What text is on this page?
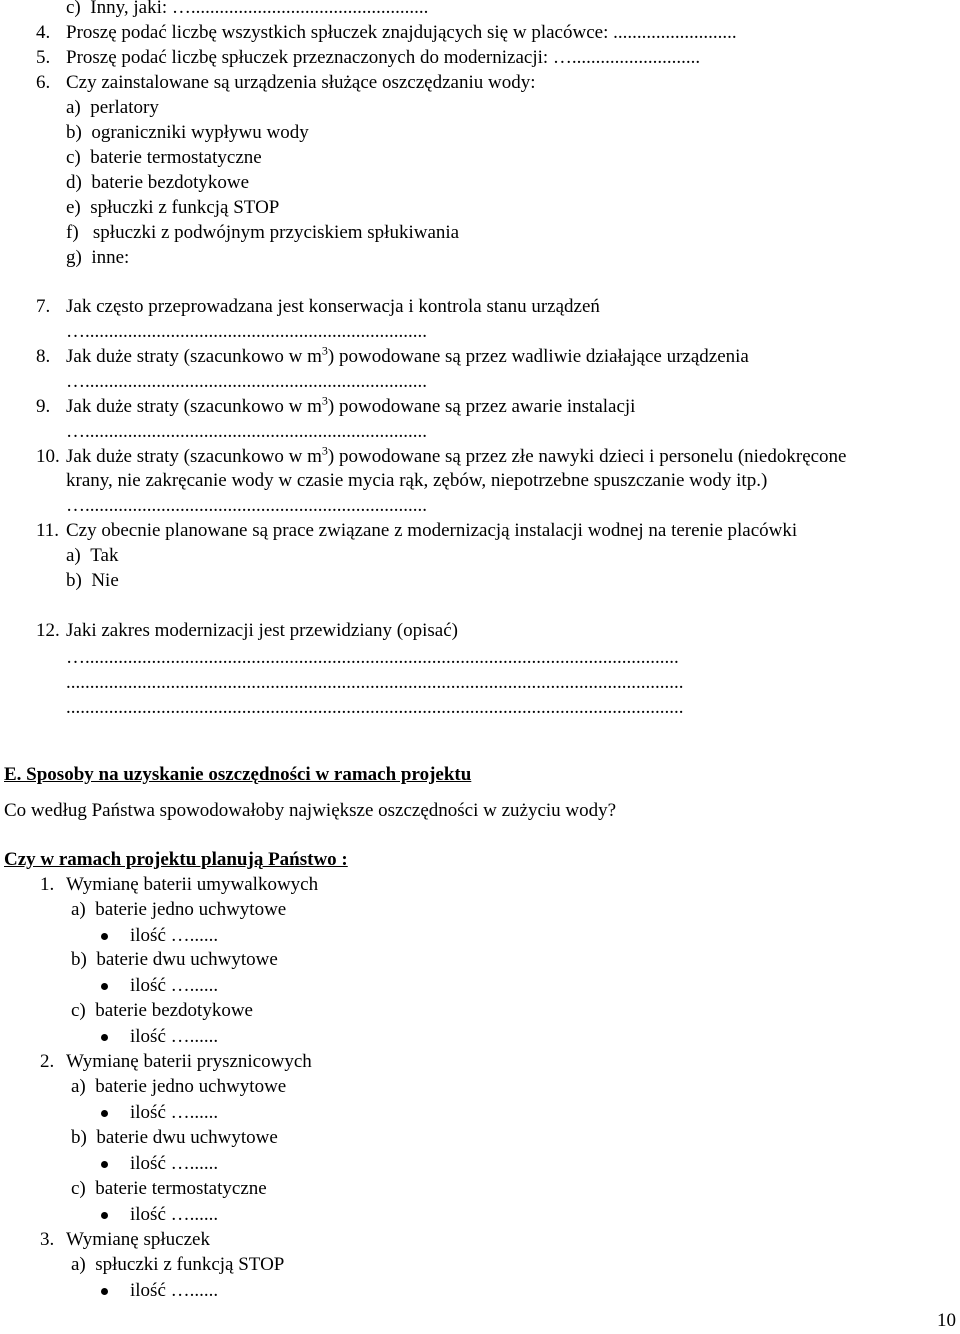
c)  Inny, jaki: …..................................................
4. Proszę podać liczbę wszystkich spłuczek znajdujących się w placówce: ..........................
5. Proszę podać liczbę spłuczek przeznaczonych do modernizacji: …...........................
6. Czy zainstalowane są urządzenia służące oszczędzaniu wody:
a)  perlatory
b)  ograniczniki wypływu wody
c)  baterie termostatyczne
d)  baterie bezdotykowe
e)  spłuczki z funkcją STOP
f)   spłuczki z podwójnym przyciskiem spłukiwania
g)  inne:
7. Jak często przeprowadzana jest konserwacja i kontrola stanu urządzeń
…........................................................................
8. Jak duże straty (szacunkowo w $m^3$) powodowane są przez wadliwie działające urządzenia
…........................................................................
9. Jak duże straty (szacunkowo w $m^3$) powodowane są przez awarie instalacji
…........................................................................
10. Jak duże straty (szacunkowo w $m^3$) powodowane są przez złe nawyki dzieci i personelu (niedokręcone
krany, nie zakręcanie wody w czasie mycia rąk, zębów, niepotrzebne spuszczanie wody itp.)
…........................................................................
11. Czy obecnie planowane są prace związane z modernizacją instalacji wodnej na terenie placówki
a)  Tak
b)  Nie
12. Jaki zakres modernizacji jest przewidziany (opisać)
….............................................................................................................................
..................................................................................................................................
..................................................................................................................................
E. Sposoby na uzyskanie oszczędności w ramach projektu
Co według Państwa spowodowałoby największe oszczędności w zużyciu wody?
Czy w ramach projektu planują Państwo :
1. Wymianę baterii umywalkowych
a)  baterie jedno uchwytowe
ilość …......
b)  baterie dwu uchwytowe
ilość …......
c)  baterie bezdotykowe
ilość …......
2. Wymianę baterii prysznicowych
a)  baterie jedno uchwytowe
ilość …......
b)  baterie dwu uchwytowe
ilość …......
c)  baterie termostatyczne
ilość …......
3. Wymianę spłuczek
a)  spłuczki z funkcją STOP
ilość …......
10
